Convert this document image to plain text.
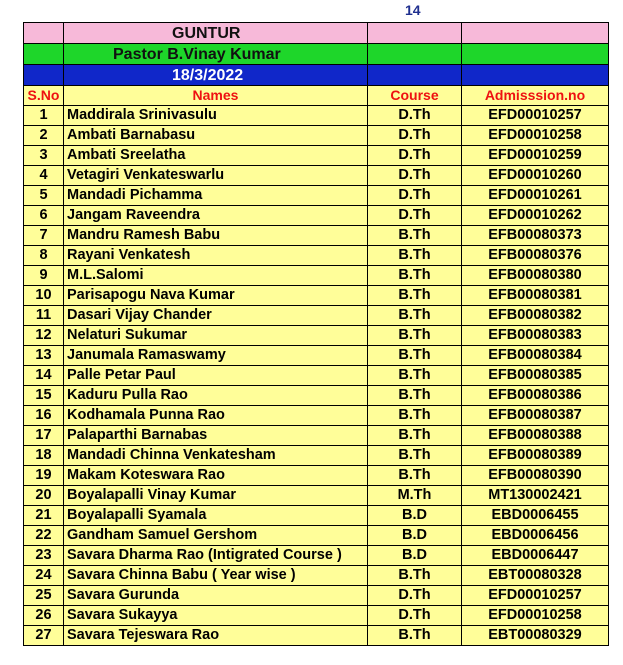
14
	GUNTUR		
	Pastor B.Vinay Kumar		
	18/3/2022		
S.No	Names	Course	Admisssion.no
1	Maddirala Srinivasulu	D.Th	EFD00010257
2	Ambati Barnabasu	D.Th	EFD00010258
3	Ambati Sreelatha	D.Th	EFD00010259
4	Vetagiri Venkateswarlu	D.Th	EFD00010260
5	Mandadi Pichamma	D.Th	EFD00010261
6	Jangam Raveendra	D.Th	EFD00010262
7	Mandru Ramesh Babu	B.Th	EFB00080373
8	Rayani Venkatesh	B.Th	EFB00080376
9	M.L.Salomi	B.Th	EFB00080380
10	Parisapogu Nava Kumar	B.Th	EFB00080381
11	Dasari Vijay Chander	B.Th	EFB00080382
12	Nelaturi Sukumar	B.Th	EFB00080383
13	Janumala Ramaswamy	B.Th	EFB00080384
14	Palle Petar Paul	B.Th	EFB00080385
15	Kaduru Pulla Rao	B.Th	EFB00080386
16	Kodhamala Punna Rao	B.Th	EFB00080387
17	Palaparthi Barnabas	B.Th	EFB00080388
18	Mandadi Chinna Venkatesham	B.Th	EFB00080389
19	Makam Koteswara Rao	B.Th	EFB00080390
20	Boyalapalli Vinay Kumar	M.Th	MT130002421
21	Boyalapalli Syamala	B.D	EBD0006455
22	Gandham Samuel Gershom	B.D	EBD0006456
23	Savara Dharma Rao (Intigrated Course )	B.D	EBD0006447
24	Savara Chinna Babu ( Year wise )	B.Th	EBT00080328
25	Savara Gurunda	D.Th	EFD00010257
26	Savara Sukayya	D.Th	EFD00010258
27	Savara Tejeswara Rao	B.Th	EBT00080329
